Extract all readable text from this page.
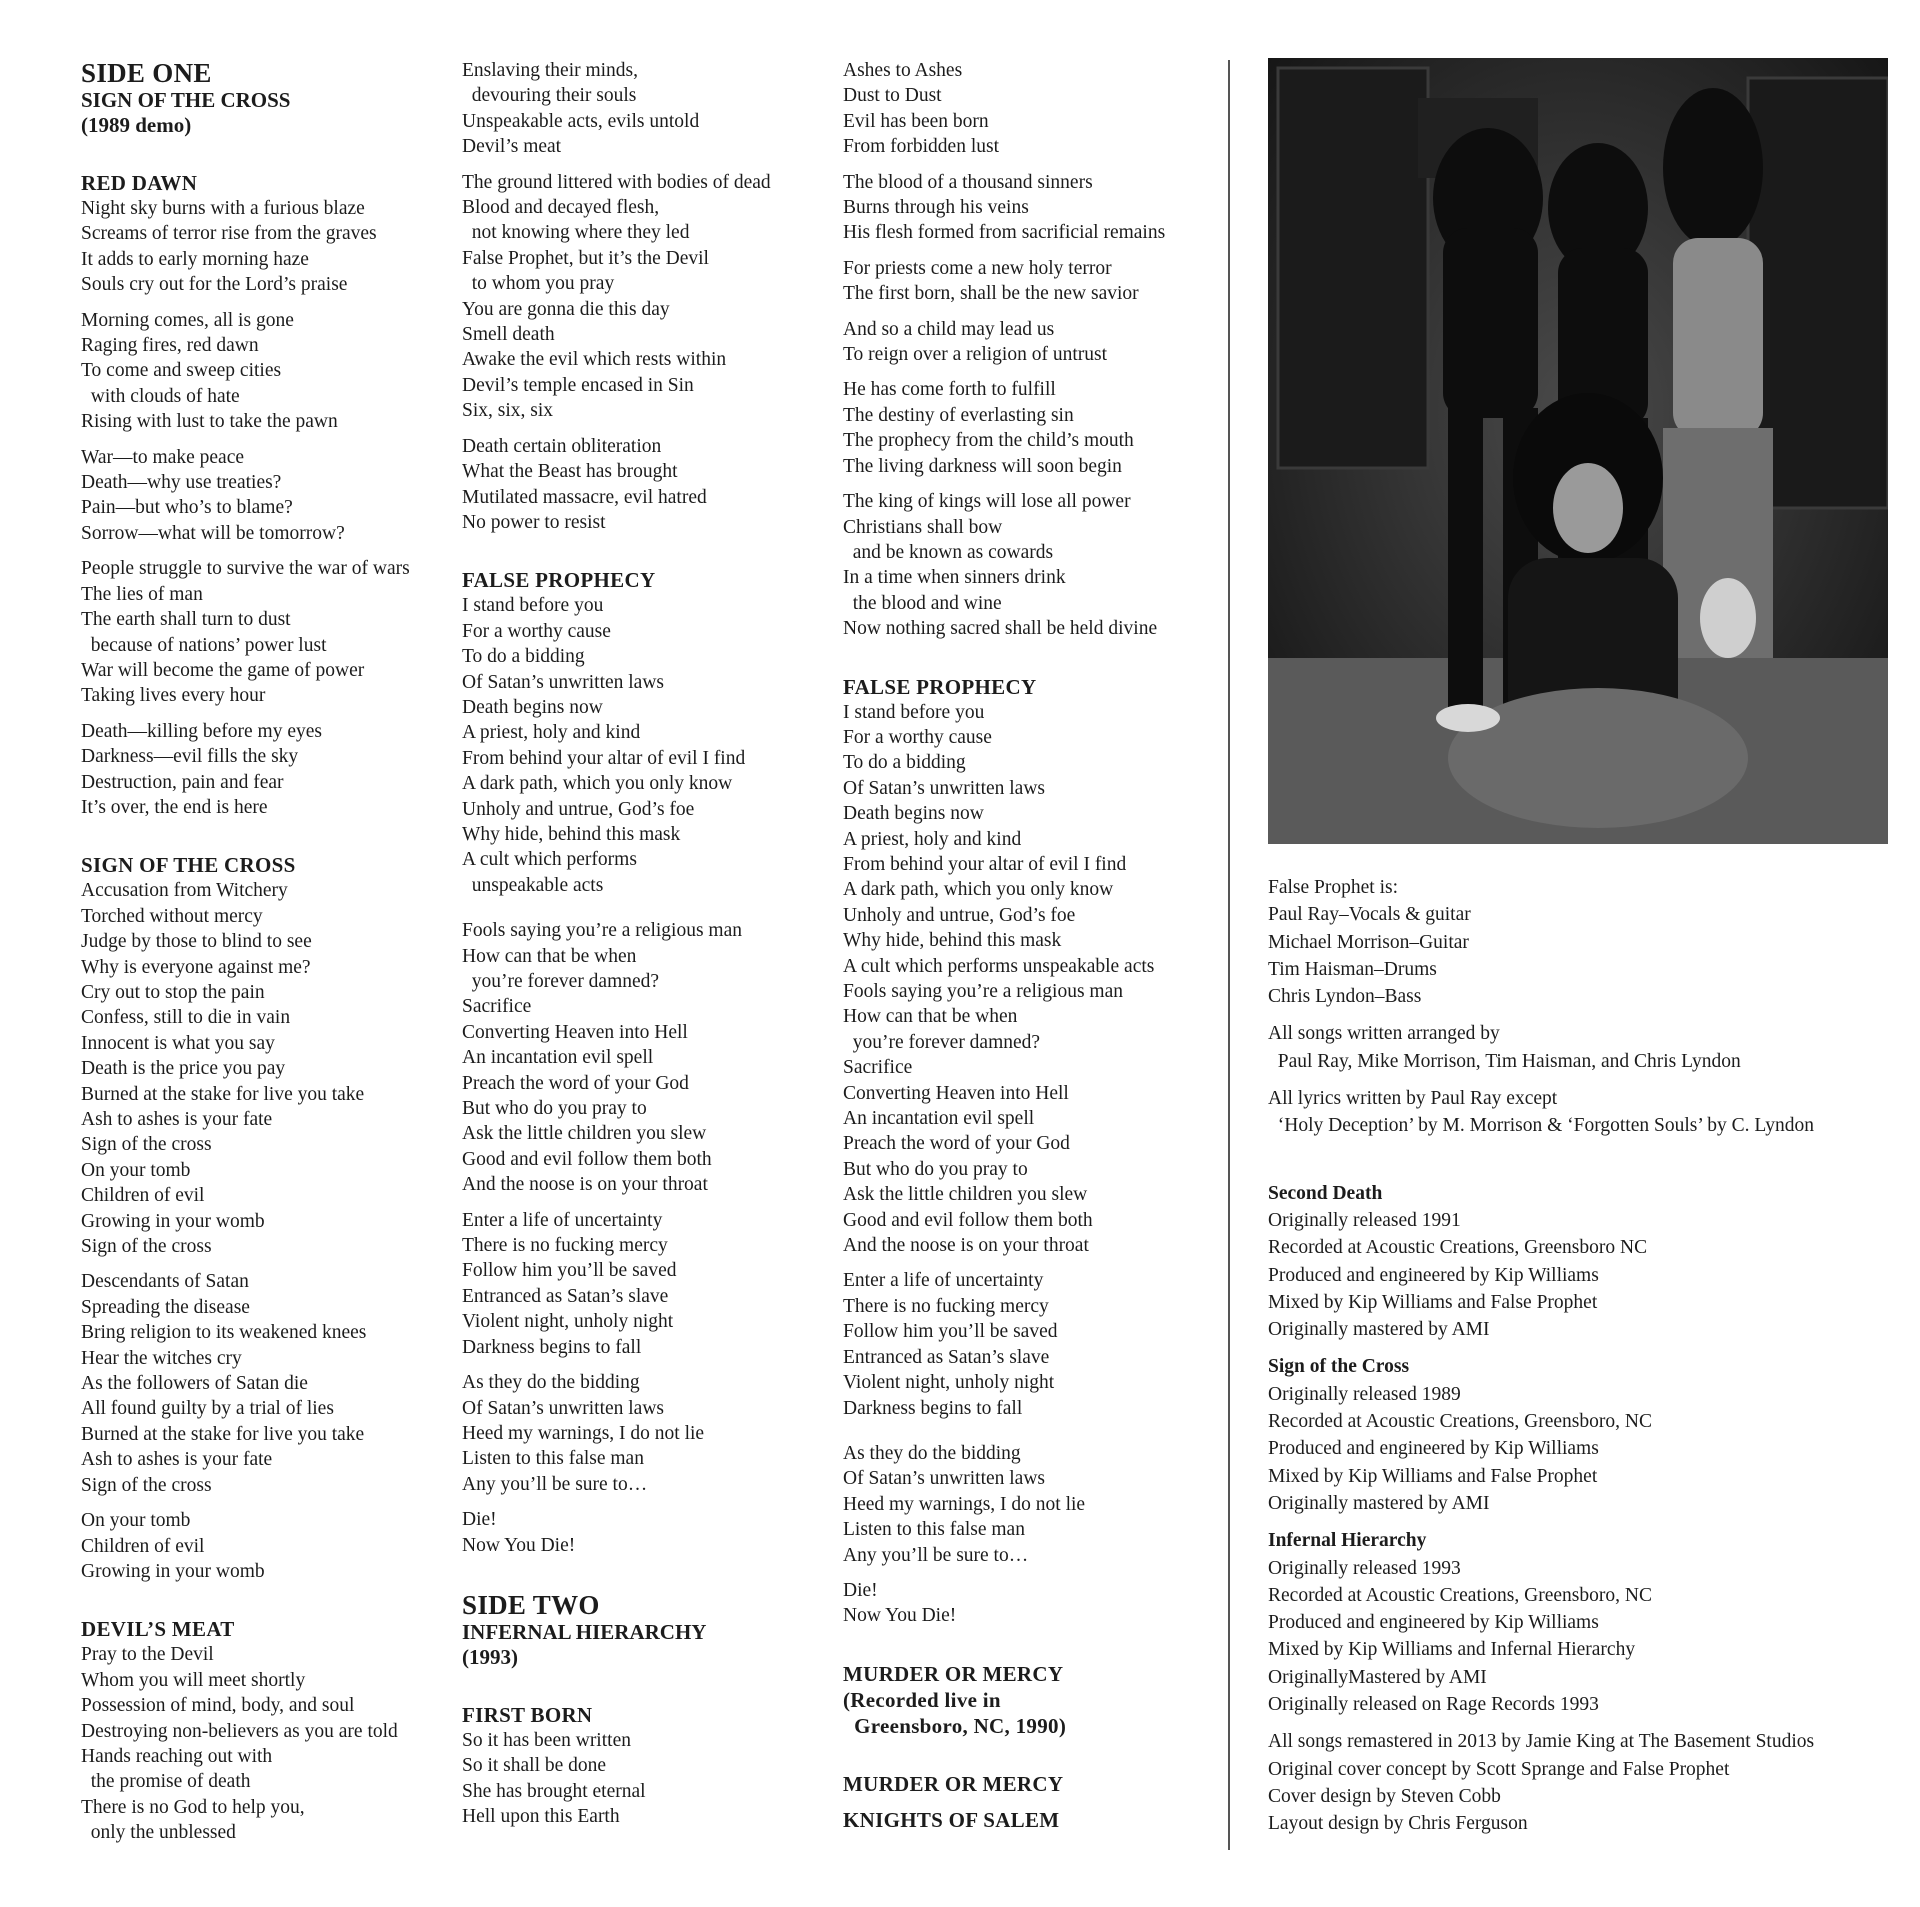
SIDE ONE
SIGN OF THE CROSS
(1989 demo)
RED DAWN
Night sky burns with a furious blaze
Screams of terror rise from the graves
It adds to early morning haze
Souls cry out for the Lord’s praise
Morning comes, all is gone
Raging fires, red dawn
To come and sweep cities
with clouds of hate
Rising with lust to take the pawn
War—to make peace
Death—why use treaties?
Pain—but who’s to blame?
Sorrow—what will be tomorrow?
People struggle to survive the war of wars
The lies of man
The earth shall turn to dust
because of nations’ power lust
War will become the game of power
Taking lives every hour
Death—killing before my eyes
Darkness—evil fills the sky
Destruction, pain and fear
It’s over, the end is here
SIGN OF THE CROSS
Accusation from Witchery
Torched without mercy
Judge by those to blind to see
Why is everyone against me?
Cry out to stop the pain
Confess, still to die in vain
Innocent is what you say
Death is the price you pay
Burned at the stake for live you take
Ash to ashes is your fate
Sign of the cross
On your tomb
Children of evil
Growing in your womb
Sign of the cross
Descendants of Satan
Spreading the disease
Bring religion to its weakened knees
Hear the witches cry
As the followers of Satan die
All found guilty by a trial of lies
Burned at the stake for live you take
Ash to ashes is your fate
Sign of the cross
On your tomb
Children of evil
Growing in your womb
DEVIL’S MEAT
Pray to the Devil
Whom you will meet shortly
Possession of mind, body, and soul
Destroying non-believers as you are told
Hands reaching out with
the promise of death
There is no God to help you,
only the unblessed
Enslaving their minds,
devouring their souls
Unspeakable acts, evils untold
Devil’s meat
The ground littered with bodies of dead
Blood and decayed flesh,
not knowing where they led
False Prophet, but it’s the Devil
to whom you pray
You are gonna die this day
Smell death
Awake the evil which rests within
Devil’s temple encased in Sin
Six, six, six
Death certain obliteration
What the Beast has brought
Mutilated massacre, evil hatred
No power to resist
FALSE PROPHECY
I stand before you
For a worthy cause
To do a bidding
Of Satan’s unwritten laws
Death begins now
A priest, holy and kind
From behind your altar of evil I find
A dark path, which you only know
Unholy and untrue, God’s foe
Why hide, behind this mask
A cult which performs
unspeakable acts
Fools saying you’re a religious man
How can that be when
you’re forever damned?
Sacrifice
Converting Heaven into Hell
An incantation evil spell
Preach the word of your God
But who do you pray to
Ask the little children you slew
Good and evil follow them both
And the noose is on your throat
Enter a life of uncertainty
There is no fucking mercy
Follow him you’ll be saved
Entranced as Satan’s slave
Violent night, unholy night
Darkness begins to fall
As they do the bidding
Of Satan’s unwritten laws
Heed my warnings, I do not lie
Listen to this false man
Any you’ll be sure to…
Die!
Now You Die!
SIDE TWO
INFERNAL HIERARCHY
(1993)
FIRST BORN
So it has been written
So it shall be done
She has brought eternal
Hell upon this Earth
Ashes to Ashes
Dust to Dust
Evil has been born
From forbidden lust
The blood of a thousand sinners
Burns through his veins
His flesh formed from sacrificial remains
For priests come a new holy terror
The first born, shall be the new savior
And so a child may lead us
To reign over a religion of untrust
He has come forth to fulfill
The destiny of everlasting sin
The prophecy from the child’s mouth
The living darkness will soon begin
The king of kings will lose all power
Christians shall bow
and be known as cowards
In a time when sinners drink
the blood and wine
Now nothing sacred shall be held divine
FALSE PROPHECY
I stand before you
For a worthy cause
To do a bidding
Of Satan’s unwritten laws
Death begins now
A priest, holy and kind
From behind your altar of evil I find
A dark path, which you only know
Unholy and untrue, God’s foe
Why hide, behind this mask
A cult which performs unspeakable acts
Fools saying you’re a religious man
How can that be when
you’re forever damned?
Sacrifice
Converting Heaven into Hell
An incantation evil spell
Preach the word of your God
But who do you pray to
Ask the little children you slew
Good and evil follow them both
And the noose is on your throat
Enter a life of uncertainty
There is no fucking mercy
Follow him you’ll be saved
Entranced as Satan’s slave
Violent night, unholy night
Darkness begins to fall
As they do the bidding
Of Satan’s unwritten laws
Heed my warnings, I do not lie
Listen to this false man
Any you’ll be sure to…
Die!
Now You Die!
MURDER OR MERCY
(Recorded live in
Greensboro, NC, 1990)
MURDER OR MERCY
KNIGHTS OF SALEM
False Prophet is:
Paul Ray–Vocals & guitar
Michael Morrison–Guitar
Tim Haisman–Drums
Chris Lyndon–Bass
All songs written arranged by
Paul Ray, Mike Morrison, Tim Haisman, and Chris Lyndon
All lyrics written by Paul Ray except
‘Holy Deception’ by M. Morrison & ‘Forgotten Souls’ by C. Lyndon
Second Death
Originally released 1991
Recorded at Acoustic Creations, Greensboro NC
Produced and engineered by Kip Williams
Mixed by Kip Williams and False Prophet
Originally mastered by AMI
Sign of the Cross
Originally released 1989
Recorded at Acoustic Creations, Greensboro, NC
Produced and engineered by Kip Williams
Mixed by Kip Williams and False Prophet
Originally mastered by AMI
Infernal Hierarchy
Originally released 1993
Recorded at Acoustic Creations, Greensboro, NC
Produced and engineered by Kip Williams
Mixed by Kip Williams and Infernal Hierarchy
OriginallyMastered by AMI
Originally released on Rage Records 1993
All songs remastered in 2013 by Jamie King at The Basement Studios
Original cover concept by Scott Sprange and False Prophet
Cover design by Steven Cobb
Layout design by Chris Ferguson
